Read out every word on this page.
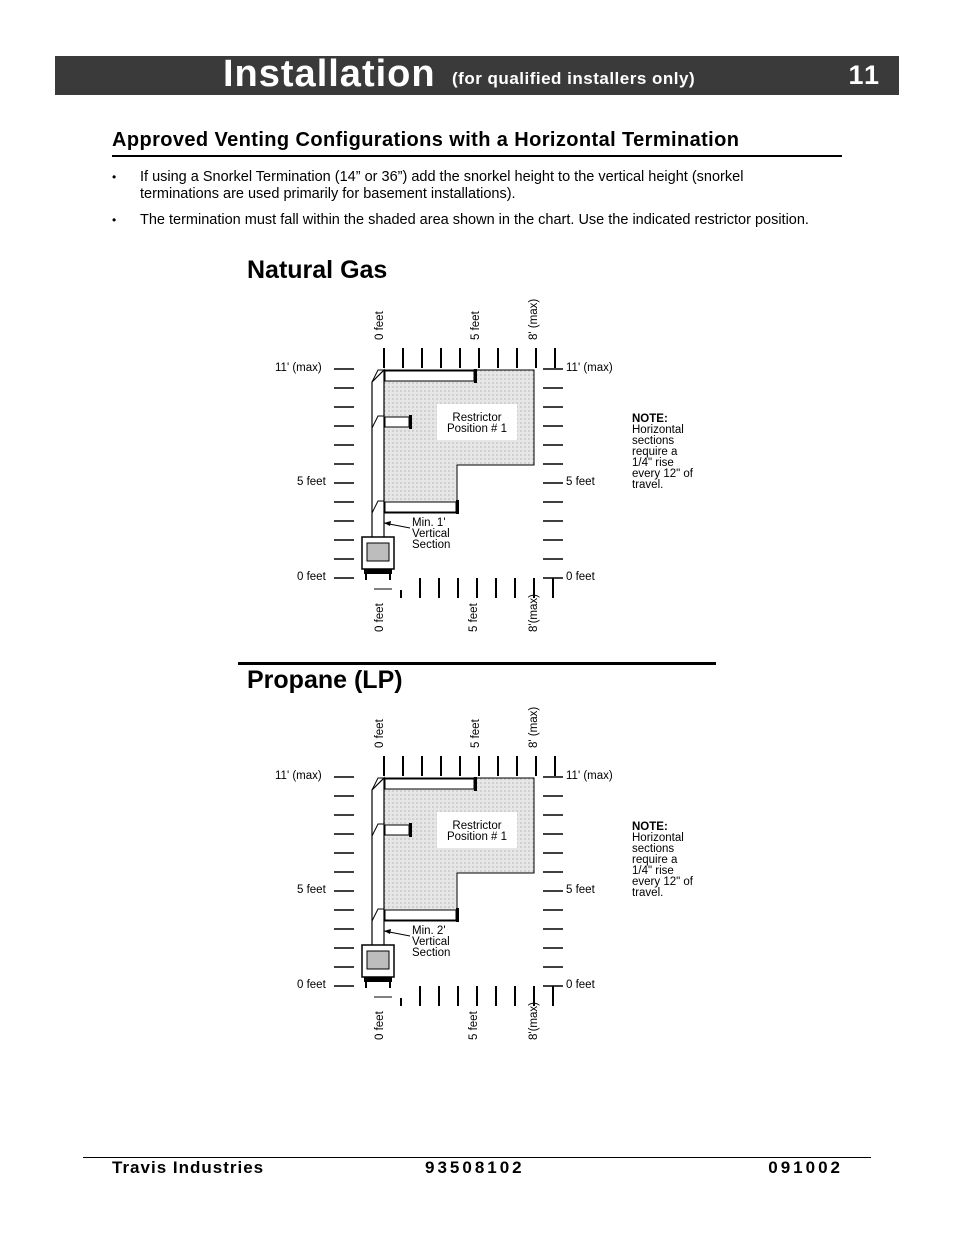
Installation (for qualified installers only)	11
Approved Venting Configurations with a Horizontal Termination
• If using a Snorkel Termination (14” or 36”) add the snorkel height to the vertical height (snorkel terminations are used primarily for basement installations).
• The termination must fall within the shaded area shown in the chart. Use the indicated restrictor position.
Natural Gas
Propane (LP)
0 feet	5 feet	8' (max)
11' (max)
5 feet
0 feet
11' (max)
5 feet
0 feet
0 feet	5 feet	8'(max)
Restrictor
Position # 1
Min. 1'
Vertical
Section
NOTE:
Horizontal
sections
require a
1/4" rise
every 12" of
travel.
0 feet	5 feet	8' (max)
11' (max)
5 feet
0 feet
11' (max)
5 feet
0 feet
0 feet	5 feet	8'(max)
Restrictor
Position # 1
Min. 2'
Vertical
Section
NOTE:
Horizontal
sections
require a
1/4" rise
every 12" of
travel.
Travis Industries	93508102	091002
